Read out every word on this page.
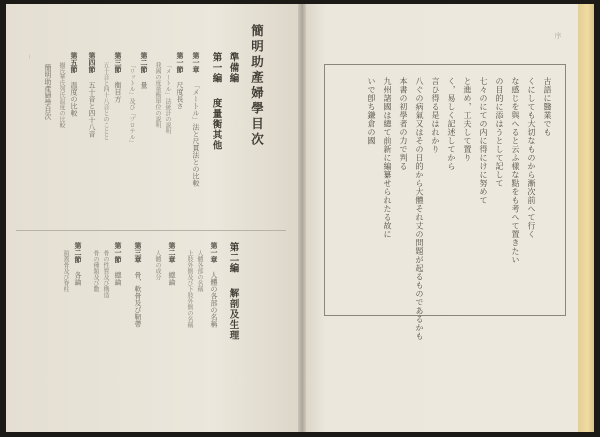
簡明助產婦學目次
準備編
第一編  度量衡其他
第一章  「メートル」法と尺貫法との比較
第一節  尺度長さ
「メートル」法統計の説明
我國の度量衡單位の説明
第二節  量
「リットル」及び「プロテル」
第三節  衡目方
五十音と四十八音とのことと
第四節  五十音と四十八音
第五節  温度の比較
攝氏華氏列氏温度の比較
簡明助產婦學目次
第二編  解剖及生理
第一章  人體の各部の名稱
人體各部の名稱
上肢外側及び下肢外側の名稱
第二章  總論
人體の成分
第三章  骨，軟骨及び靭帶
第一節  總論
骨の性質及び構造
骨の種類及び數
第二節  各論
頭蓋骨及び脊柱
—
序
古語に醫業でも
くにしても大切なものから漸次前へて行く
な感じを與へると云ふ樣な點をも考へて置きたい
の目的に添はうとして記して
七々のにての内に得にけに努めて
と進め，工夫して置り
く，易しく記述してから
言ひ得る是はれかり
八ぐの病氣又はその日的から大體それ丈の問題が起るものであるかも
本書の初學者の力で判る
九州諸國は總て前新に編纂せられたる故に
いで卽ち鎌倉の國
